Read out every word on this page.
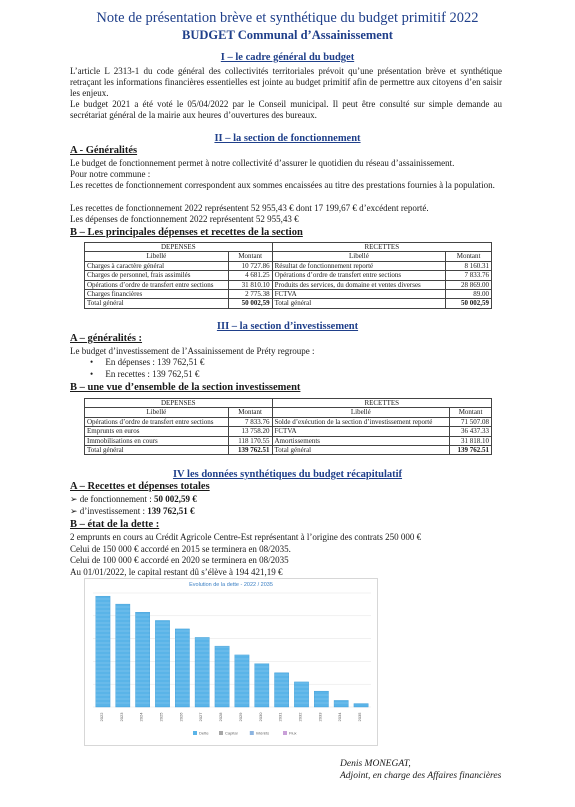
Note de présentation brève et synthétique du budget primitif 2022
BUDGET Communal d’Assainissement
I – le cadre général du budget
L’article L 2313-1 du code général des collectivités territoriales prévoit qu’une présentation brève et synthétique retraçant les informations financières essentielles est jointe au budget primitif afin de permettre aux citoyens d’en saisir les enjeux.
Le budget 2021 a été voté le 05/04/2022 par le Conseil municipal. Il peut être consulté sur simple demande au secrétariat général de la mairie aux heures d’ouvertures des bureaux.
II – la section de fonctionnement
A - Généralités
Le budget de fonctionnement permet à notre collectivité d’assurer le quotidien du réseau d’assainissement.
Pour notre commune :
Les recettes de fonctionnement correspondent aux sommes encaissées au titre des prestations fournies à la population.
Les recettes de fonctionnement 2022 représentent 52 955,43 € dont 17 199,67 € d’excédent reporté.
Les dépenses de fonctionnement 2022 représentent 52 955,43 €
B – Les principales dépenses et recettes de la section
DEPENSES		RECETTES	
Libellé	Montant	Libellé	Montant
Charges à caractère général	10 727.86	Résultat de fonctionnement reporté	8 160.31
Charges de personnel, frais assimilés	4 681.25	Opérations d’ordre de transfert entre sections	7 833.76
Opérations d’ordre de transfert entre sections	31 810.10	Produits des services, du domaine et ventes diverses	28 869.00
Charges financières	2 775.38	FCTVA	89.00
Total général	50 002,59	Total général	50 002,59
III – la section d’investissement
A – généralités :
Le budget d’investissement de l’Assainissement de Préty regroupe :
• En dépenses : 139 762,51 €
• En recettes : 139 762,51 €
B – une vue d’ensemble de la section investissement
DEPENSES		RECETTES	
Libellé	Montant	Libellé	Montant
Opérations d’ordre de transfert entre sections	7 833.76	Solde d’exécution de la section d’investissement reporté	71 507.08
Emprunts en euros	13 758.20	FCTVA	36 437.33
Immobilisations en cours	118 170.55	Amortissements	31 818.10
Total général	139 762.51	Total général	139 762.51
IV les données synthétiques du budget récapitulatif
A – Recettes et dépenses totales
➢ de fonctionnement : 50 002,59 €
➢ d’investissement : 139 762,51 €
B – état de la dette :
2 emprunts en cours au Crédit Agricole Centre-Est représentant à l’origine des contrats 250 000 €
Celui de 150 000 € accordé en 2015 se terminera en 08/2035.
Celui de 100 000 € accordé en 2020 se terminera en 08/2035
Au 01/01/2022, le capital restant dû s’élève à 194 421,19 €
Evolution de la dette - 2022 / 2035
2022	2023	2024	2025	2026	2027	2028	2029	2030	2031	2032	2033	2034	2035
Dette	Capital	Intérêts	Flux
Denis MONEGAT,
Adjoint, en charge des Affaires financières
